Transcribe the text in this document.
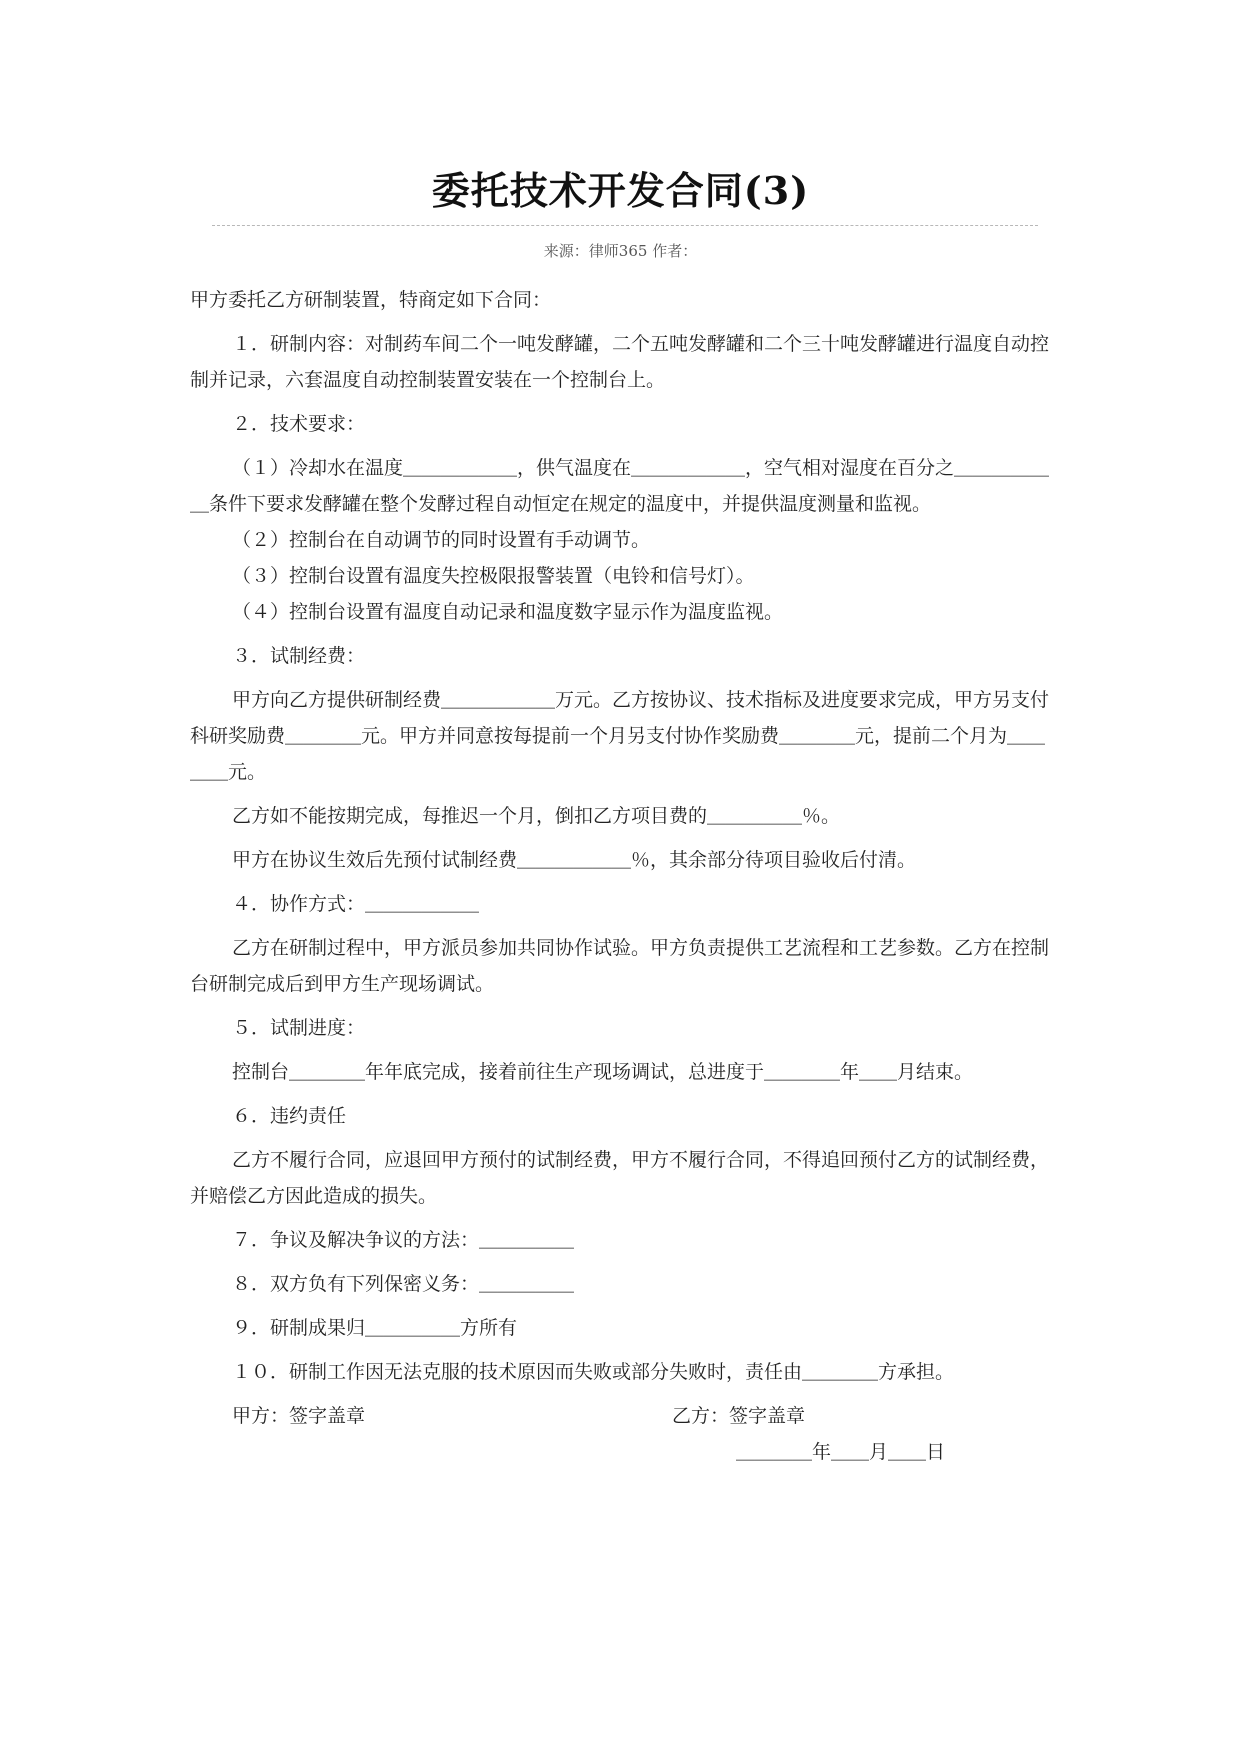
委托技术开发合同(3)
来源：律师365 作者：

甲方委托乙方研制装置，特商定如下合同：

１．研制内容：对制药车间二个一吨发酵罐，二个五吨发酵罐和二个三十吨发酵罐进行温度自动控制并记录，六套温度自动控制装置安装在一个控制台上。

２．技术要求：

（１）冷却水在温度＿＿＿＿＿＿，供气温度在＿＿＿＿＿＿，空气相对湿度在百分之＿＿＿＿＿＿条件下要求发酵罐在整个发酵过程自动恒定在规定的温度中，并提供温度测量和监视。

（２）控制台在自动调节的同时设置有手动调节。

（３）控制台设置有温度失控极限报警装置（电铃和信号灯）。

（４）控制台设置有温度自动记录和温度数字显示作为温度监视。

３．试制经费：

甲方向乙方提供研制经费＿＿＿＿＿＿万元。乙方按协议、技术指标及进度要求完成，甲方另支付科研奖励费＿＿＿＿元。甲方并同意按每提前一个月另支付协作奖励费＿＿＿＿元，提前二个月为＿＿＿＿元。

乙方如不能按期完成，每推迟一个月，倒扣乙方项目费的＿＿＿＿＿％。

甲方在协议生效后先预付试制经费＿＿＿＿＿＿％，其余部分待项目验收后付清。

４．协作方式：＿＿＿＿＿＿

乙方在研制过程中，甲方派员参加共同协作试验。甲方负责提供工艺流程和工艺参数。乙方在控制台研制完成后到甲方生产现场调试。

５．试制进度：

控制台＿＿＿＿年年底完成，接着前往生产现场调试，总进度于＿＿＿＿年＿＿月结束。

６．违约责任

乙方不履行合同，应退回甲方预付的试制经费，甲方不履行合同，不得追回预付乙方的试制经费，并赔偿乙方因此造成的损失。

７．争议及解决争议的方法：＿＿＿＿＿

８．双方负有下列保密义务：＿＿＿＿＿

９．研制成果归＿＿＿＿＿方所有

１０．研制工作因无法克服的技术原因而失败或部分失败时，责任由＿＿＿＿方承担。

甲方：签字盖章	乙方：签字盖章
＿＿＿＿年＿＿月＿＿日
